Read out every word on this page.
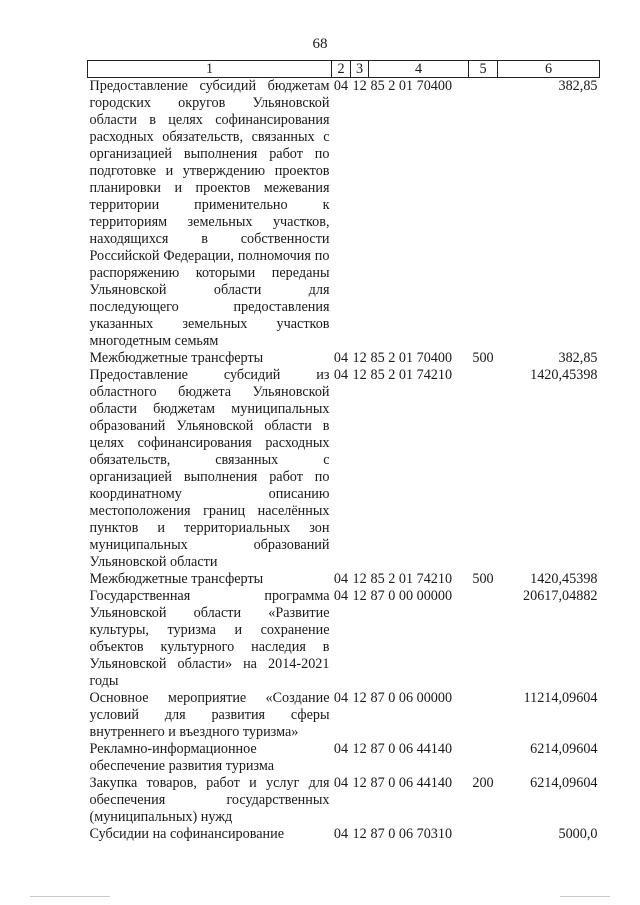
68
1	2	3	4	5	6
Предоставление субсидий бюджетам городских округов Ульяновской области в целях софинансирования расходных обязательств, связанных с организацией выполнения работ по подготовке и утверждению проектов планировки и проектов межевания территории применительно к территориям земельных участков, находящихся в собственности Российской Федерации, полномочия по распоряжению которыми переданы Ульяновской области для последующего предоставления указанных земельных участков многодетным семьям	04	12	85 2 01 70400		382,85
Межбюджетные трансферты	04	12	85 2 01 70400	500	382,85
Предоставление субсидий из областного бюджета Ульяновской области бюджетам муниципальных образований Ульяновской области в целях софинансирования расходных обязательств, связанных с организацией выполнения работ по координатному описанию местоположения границ населённых пунктов и территориальных зон муниципальных образований Ульяновской области	04	12	85 2 01 74210		1420,45398
Межбюджетные трансферты	04	12	85 2 01 74210	500	1420,45398
Государственная программа Ульяновской области «Развитие культуры, туризма и сохранение объектов культурного наследия в Ульяновской области» на 2014-2021 годы	04	12	87 0 00 00000		20617,04882
Основное мероприятие «Создание условий для развития сферы внутреннего и въездного туризма»	04	12	87 0 06 00000		11214,09604
Рекламно-информационное обеспечение развития туризма	04	12	87 0 06 44140		6214,09604
Закупка товаров, работ и услуг для обеспечения государственных (муниципальных) нужд	04	12	87 0 06 44140	200	6214,09604
Субсидии на софинансирование	04	12	87 0 06 70310		5000,0
